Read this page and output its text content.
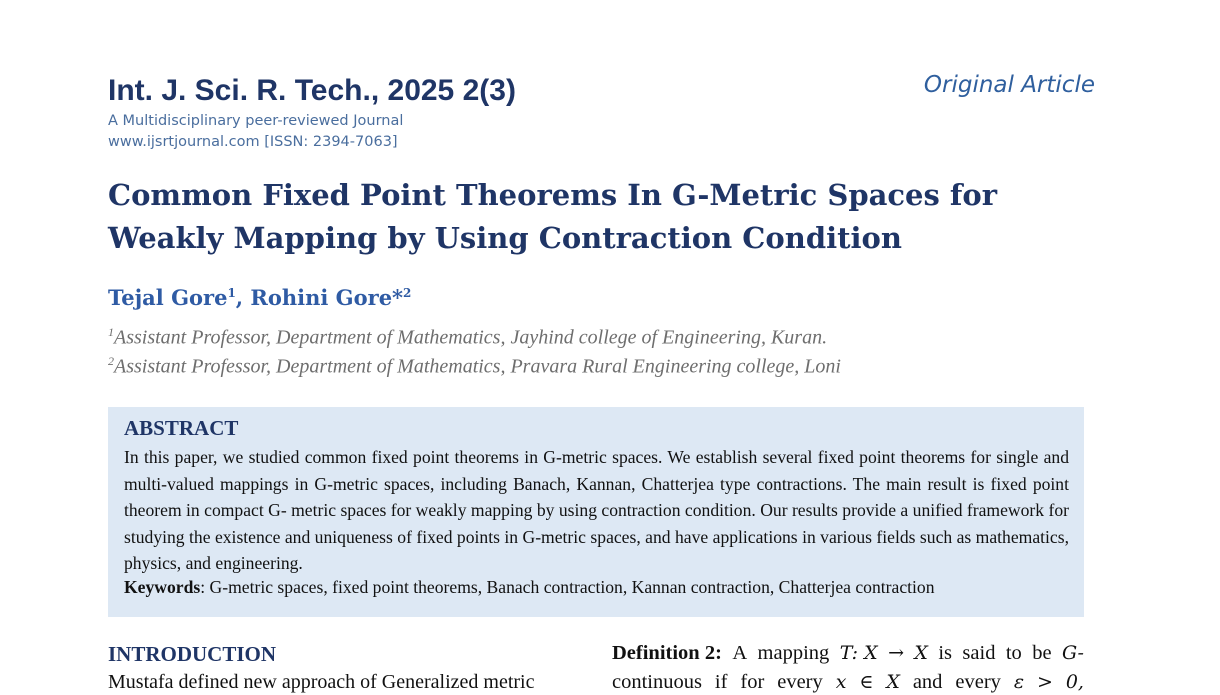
Int. J. Sci. R. Tech., 2025 2(3)
A Multidisciplinary peer-reviewed Journal
www.ijsrtjournal.com [ISSN: 2394-7063]
Original Article
Common Fixed Point Theorems In G-Metric Spaces for
Weakly Mapping by Using Contraction Condition
Tejal Gore$^1$, Rohini Gore*$^2$
$^1$Assistant Professor, Department of Mathematics, Jayhind college of Engineering, Kuran.
$^2$Assistant Professor, Department of Mathematics, Pravara Rural Engineering college, Loni
ABSTRACT
In this paper, we studied common fixed point theorems in G-metric spaces. We establish several fixed point theorems for single and multi-valued mappings in G-metric spaces, including Banach, Kannan, Chatterjea type contractions. The main result is fixed point theorem in compact G- metric spaces for weakly mapping by using contraction condition. Our results provide a unified framework for studying the existence and uniqueness of fixed points in G-metric spaces, and have applications in various fields such as mathematics, physics, and engineering.
Keywords: G-metric spaces, fixed point theorems, Banach contraction, Kannan contraction, Chatterjea contraction
INTRODUCTION
Mustafa defined new approach of Generalized metric
Definition 2: A mapping T: X → X is said to be G-
continuous if for every x ∈ X and every ε > 0,
